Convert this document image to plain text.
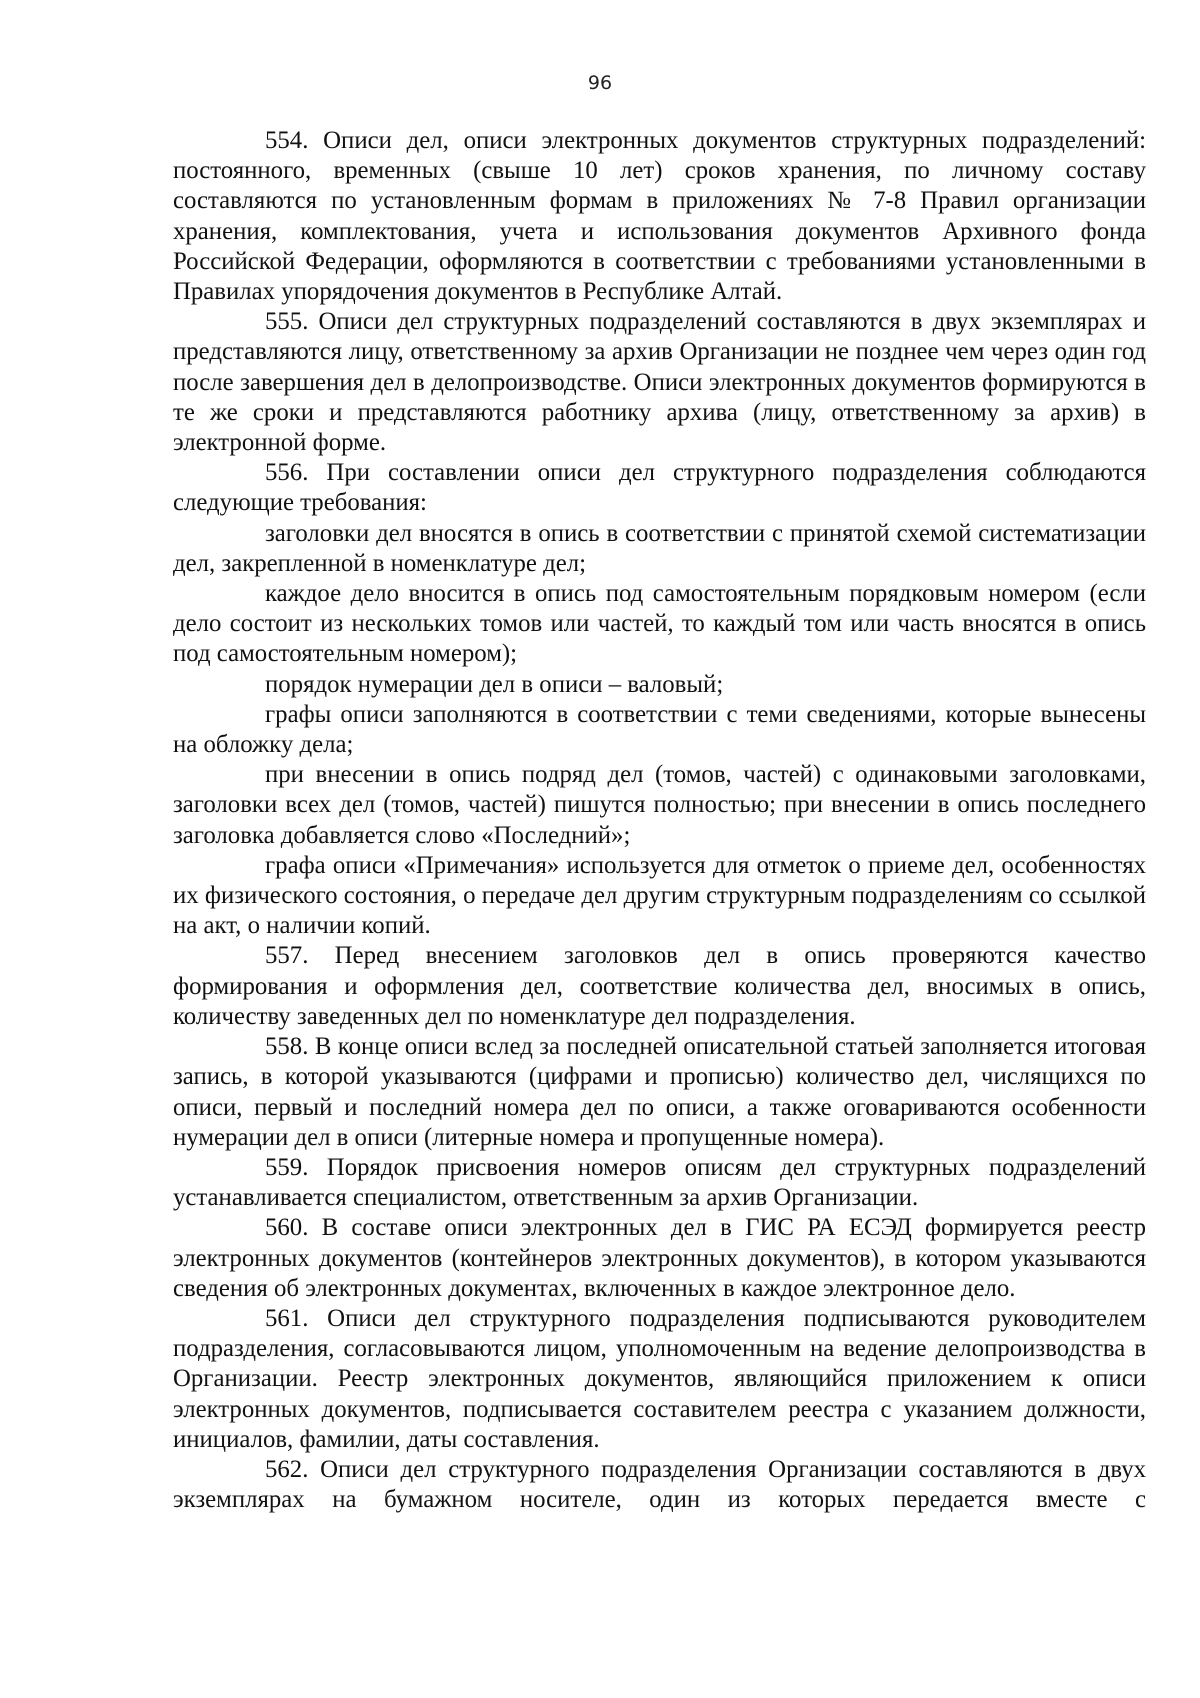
96

554. Описи дел, описи электронных документов структурных подразделений: постоянного, временных (свыше 10 лет) сроков хранения, по личному составу составляются по установленным формам в приложениях № 7-8 Правил организации хранения, комплектования, учета и использования документов Архивного фонда Российской Федерации, оформляются в соответствии с требованиями установленными в Правилах упорядочения документов в Республике Алтай.

555. Описи дел структурных подразделений составляются в двух экземплярах и представляются лицу, ответственному за архив Организации не позднее чем через один год после завершения дел в делопроизводстве. Описи электронных документов формируются в те же сроки и представляются работнику архива (лицу, ответственному за архив) в электронной форме.

556. При составлении описи дел структурного подразделения соблюдаются следующие требования:

заголовки дел вносятся в опись в соответствии с принятой схемой систематизации дел, закрепленной в номенклатуре дел;

каждое дело вносится в опись под самостоятельным порядковым номером (если дело состоит из нескольких томов или частей, то каждый том или часть вносятся в опись под самостоятельным номером);

порядок нумерации дел в описи – валовый;

графы описи заполняются в соответствии с теми сведениями, которые вынесены на обложку дела;

при внесении в опись подряд дел (томов, частей) с одинаковыми заголовками, заголовки всех дел (томов, частей) пишутся полностью; при внесении в опись последнего заголовка добавляется слово «Последний»;

графа описи «Примечания» используется для отметок о приеме дел, особенностях их физического состояния, о передаче дел другим структурным подразделениям со ссылкой на акт, о наличии копий.

557. Перед внесением заголовков дел в опись проверяются качество формирования и оформления дел, соответствие количества дел, вносимых в опись, количеству заведенных дел по номенклатуре дел подразделения.

558. В конце описи вслед за последней описательной статьей заполняется итоговая запись, в которой указываются (цифрами и прописью) количество дел, числящихся по описи, первый и последний номера дел по описи, а также оговариваются особенности нумерации дел в описи (литерные номера и пропущенные номера).

559. Порядок присвоения номеров описям дел структурных подразделений устанавливается специалистом, ответственным за архив Организации.

560. В составе описи электронных дел в ГИС РА ЕСЭД формируется реестр электронных документов (контейнеров электронных документов), в котором указываются сведения об электронных документах, включенных в каждое электронное дело.

561. Описи дел структурного подразделения подписываются руководителем подразделения, согласовываются лицом, уполномоченным на ведение делопроизводства в Организации. Реестр электронных документов, являющийся приложением к описи электронных документов, подписывается составителем реестра с указанием должности, инициалов, фамилии, даты составления.

562. Описи дел структурного подразделения Организации составляются в двух экземплярах на бумажном носителе, один из которых передается вместе с
